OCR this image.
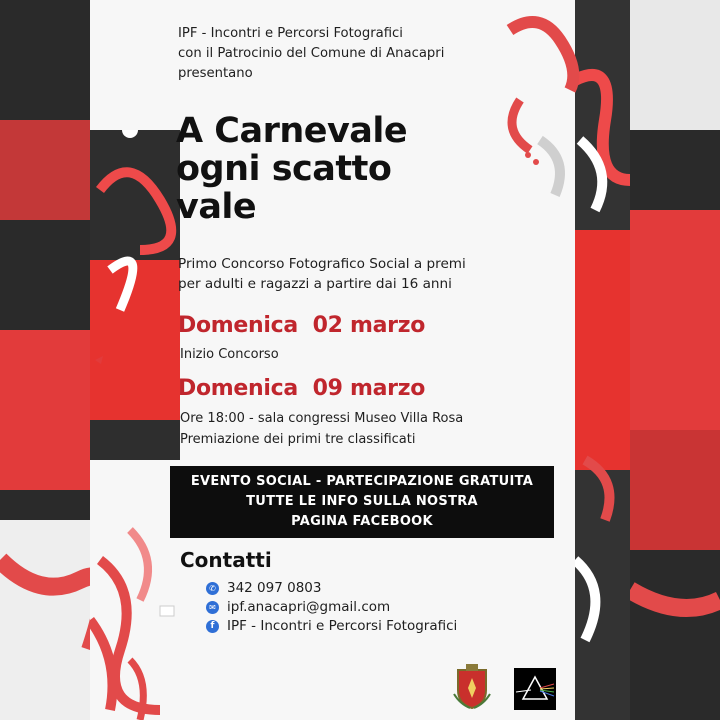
IPF - Incontri e Percorsi Fotografici
con il Patrocinio del Comune di Anacapri
presentano
A Carnevale
ogni scatto
vale
Primo Concorso Fotografico Social a premi
per adulti e ragazzi a partire dai 16 anni
Domenica  02 marzo
Inizio Concorso
Domenica  09 marzo
Ore 18:00 - sala congressi Museo Villa Rosa
Premiazione dei primi tre classificati
EVENTO SOCIAL - PARTECIPAZIONE GRATUITA
TUTTE LE INFO SULLA NOSTRA
PAGINA FACEBOOK
Contatti
✆ 342 097 0803
✉ ipf.anacapri@gmail.com
f IPF - Incontri e Percorsi Fotografici
